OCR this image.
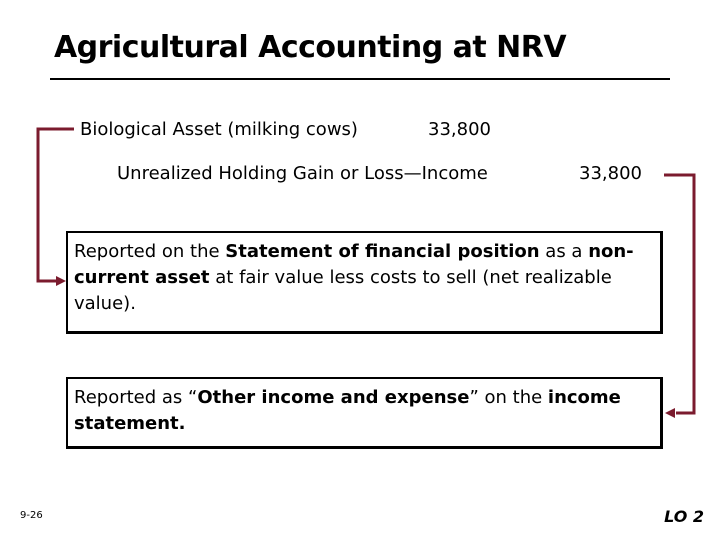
Agricultural Accounting at NRV
Biological Asset (milking cows)	33,800
Unrealized Holding Gain or Loss—Income	33,800
Reported on the Statement of financial position as a non-current asset at fair value less costs to sell (net realizable value).
Reported as “Other income and expense” on the income statement.
9-26	LO 2
